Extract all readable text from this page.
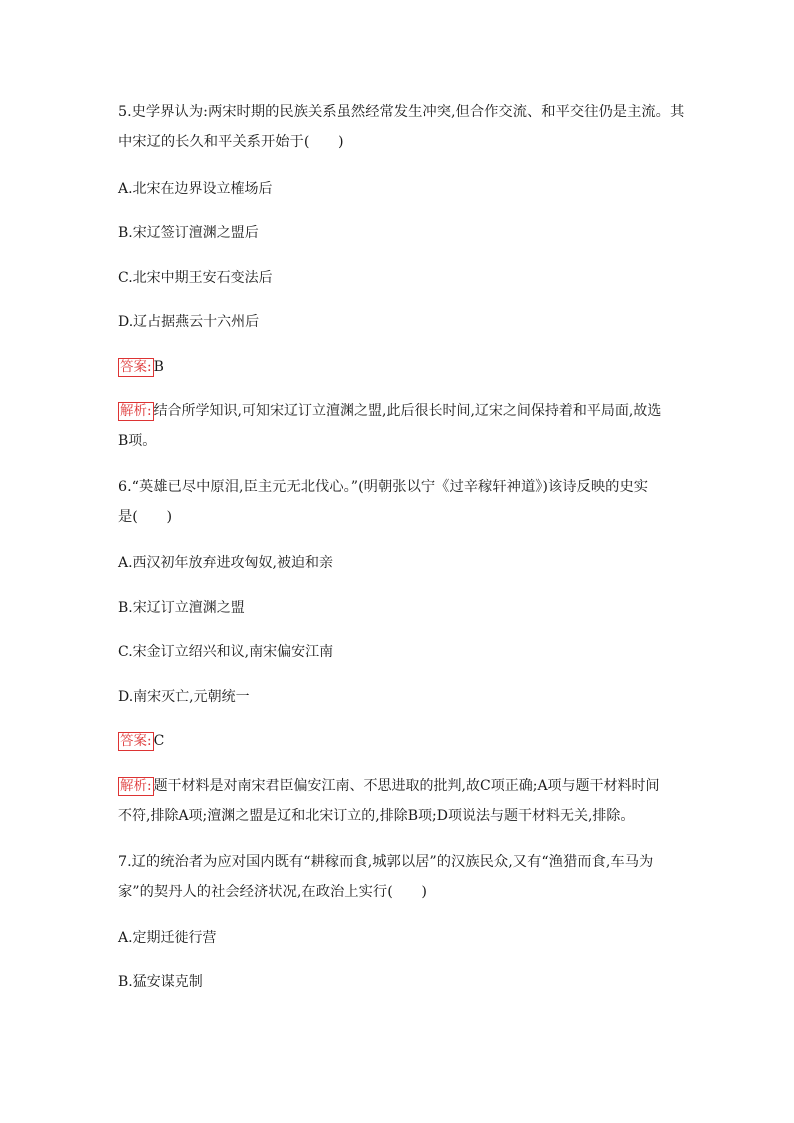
5.史学界认为:两宋时期的民族关系虽然经常发生冲突,但合作交流、和平交往仍是主流。其
中宋辽的长久和平关系开始于(　　)
A.北宋在边界设立榷场后
B.宋辽签订澶渊之盟后
C.北宋中期王安石变法后
D.辽占据燕云十六州后
答案: B
解析: 结合所学知识,可知宋辽订立澶渊之盟,此后很长时间,辽宋之间保持着和平局面,故选
B项。
6.“英雄已尽中原泪,臣主元无北伐心。”(明朝张以宁《过辛稼轩神道》)该诗反映的史实
是(　　)
A.西汉初年放弃进攻匈奴,被迫和亲
B.宋辽订立澶渊之盟
C.宋金订立绍兴和议,南宋偏安江南
D.南宋灭亡,元朝统一
答案: C
解析: 题干材料是对南宋君臣偏安江南、不思进取的批判,故C项正确;A项与题干材料时间
不符,排除A项;澶渊之盟是辽和北宋订立的,排除B项;D项说法与题干材料无关,排除。
7.辽的统治者为应对国内既有“耕稼而食,城郭以居”的汉族民众,又有“渔猎而食,车马为
家”的契丹人的社会经济状况,在政治上实行(　　)
A.定期迁徙行营
B.猛安谋克制
